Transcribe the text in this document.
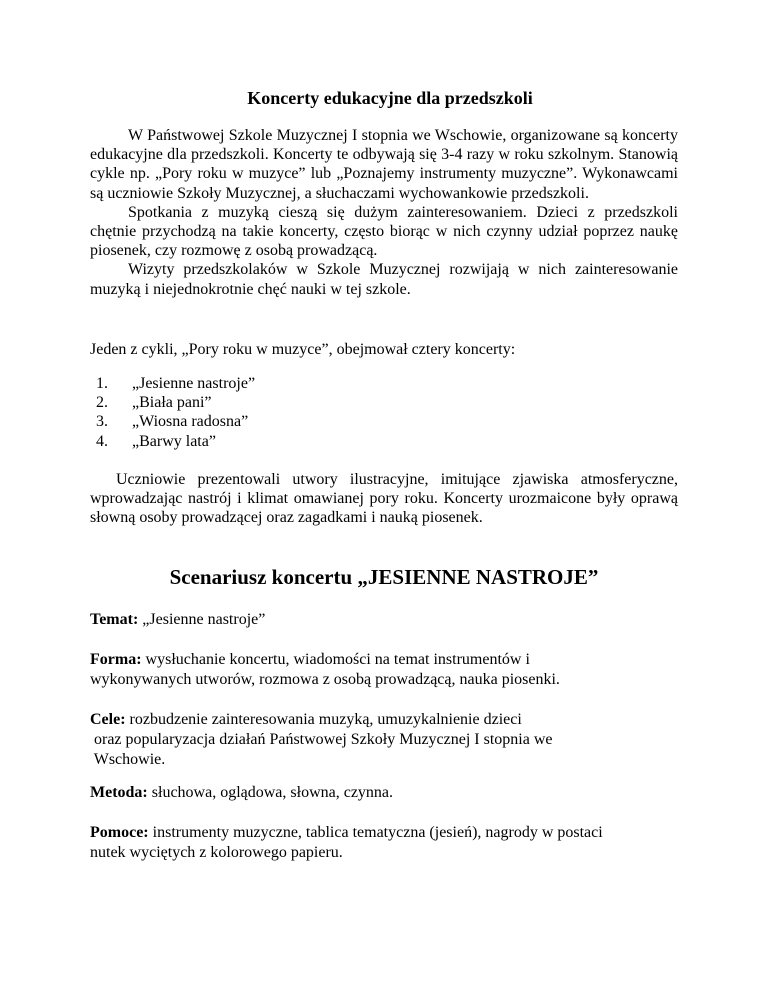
Koncerty edukacyjne dla przedszkoli

W Państwowej Szkole Muzycznej I stopnia we Wschowie, organizowane są koncerty edukacyjne dla przedszkoli. Koncerty te odbywają się 3-4 razy w roku szkolnym. Stanowią cykle np. „Pory roku w muzyce” lub „Poznajemy instrumenty muzyczne”. Wykonawcami są uczniowie Szkoły Muzycznej, a słuchaczami wychowankowie przedszkoli.

Spotkania z muzyką cieszą się dużym zainteresowaniem. Dzieci z przedszkoli chętnie przychodzą na takie koncerty, często biorąc w nich czynny udział poprzez naukę piosenek, czy rozmowę z osobą prowadzącą.

Wizyty przedszkolaków w Szkole Muzycznej rozwijają w nich zainteresowanie muzyką i niejednokrotnie chęć nauki w tej szkole.

Jeden z cykli, „Pory roku w muzyce”, obejmował cztery koncerty:

1. „Jesienne nastroje”
2. „Biała pani”
3. „Wiosna radosna”
4. „Barwy lata”

Uczniowie prezentowali utwory ilustracyjne, imitujące zjawiska atmosferyczne, wprowadzając nastrój i klimat omawianej pory roku. Koncerty urozmaicone były oprawą słowną osoby prowadzącej oraz zagadkami i nauką piosenek.

Scenariusz koncertu „JESIENNE NASTROJE”

Temat: „Jesienne nastroje”

Forma: wysłuchanie koncertu, wiadomości na temat instrumentów i
wykonywanych utworów, rozmowa z osobą prowadzącą, nauka piosenki.

Cele: rozbudzenie zainteresowania muzyką, umuzykalnienie dzieci
oraz popularyzacja działań Państwowej Szkoły Muzycznej I stopnia we
Wschowie.

Metoda: słuchowa, oglądowa, słowna, czynna.

Pomoce: instrumenty muzyczne, tablica tematyczna (jesień), nagrody w postaci
nutek wyciętych z kolorowego papieru.
